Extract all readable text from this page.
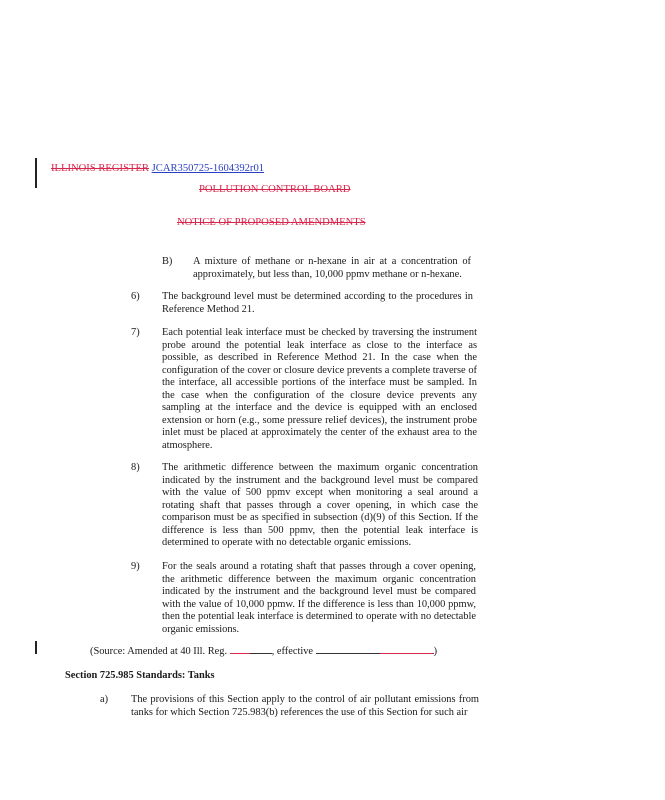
ILLINOIS REGISTER JCAR350725-1604392r01
POLLUTION CONTROL BOARD
NOTICE OF PROPOSED AMENDMENTS
B) A mixture of methane or n-hexane in air at a concentration of approximately, but less than, 10,000 ppmv methane or n-hexane.
6) The background level must be determined according to the procedures in Reference Method 21.
7) Each potential leak interface must be checked by traversing the instrument probe around the potential leak interface as close to the interface as possible, as described in Reference Method 21. In the case when the configuration of the cover or closure device prevents a complete traverse of the interface, all accessible portions of the interface must be sampled. In the case when the configuration of the closure device prevents any sampling at the interface and the device is equipped with an enclosed extension or horn (e.g., some pressure relief devices), the instrument probe inlet must be placed at approximately the center of the exhaust area to the atmosphere.
8) The arithmetic difference between the maximum organic concentration indicated by the instrument and the background level must be compared with the value of 500 ppmv except when monitoring a seal around a rotating shaft that passes through a cover opening, in which case the comparison must be as specified in subsection (d)(9) of this Section. If the difference is less than 500 ppmv, then the potential leak interface is determined to operate with no detectable organic emissions.
9) For the seals around a rotating shaft that passes through a cover opening, the arithmetic difference between the maximum organic concentration indicated by the instrument and the background level must be compared with the value of 10,000 ppmw. If the difference is less than 10,000 ppmw, then the potential leak interface is determined to operate with no detectable organic emissions.
(Source: Amended at 40 Ill. Reg.	, effective	)
Section 725.985 Standards: Tanks
a) The provisions of this Section apply to the control of air pollutant emissions from tanks for which Section 725.983(b) references the use of this Section for such air
